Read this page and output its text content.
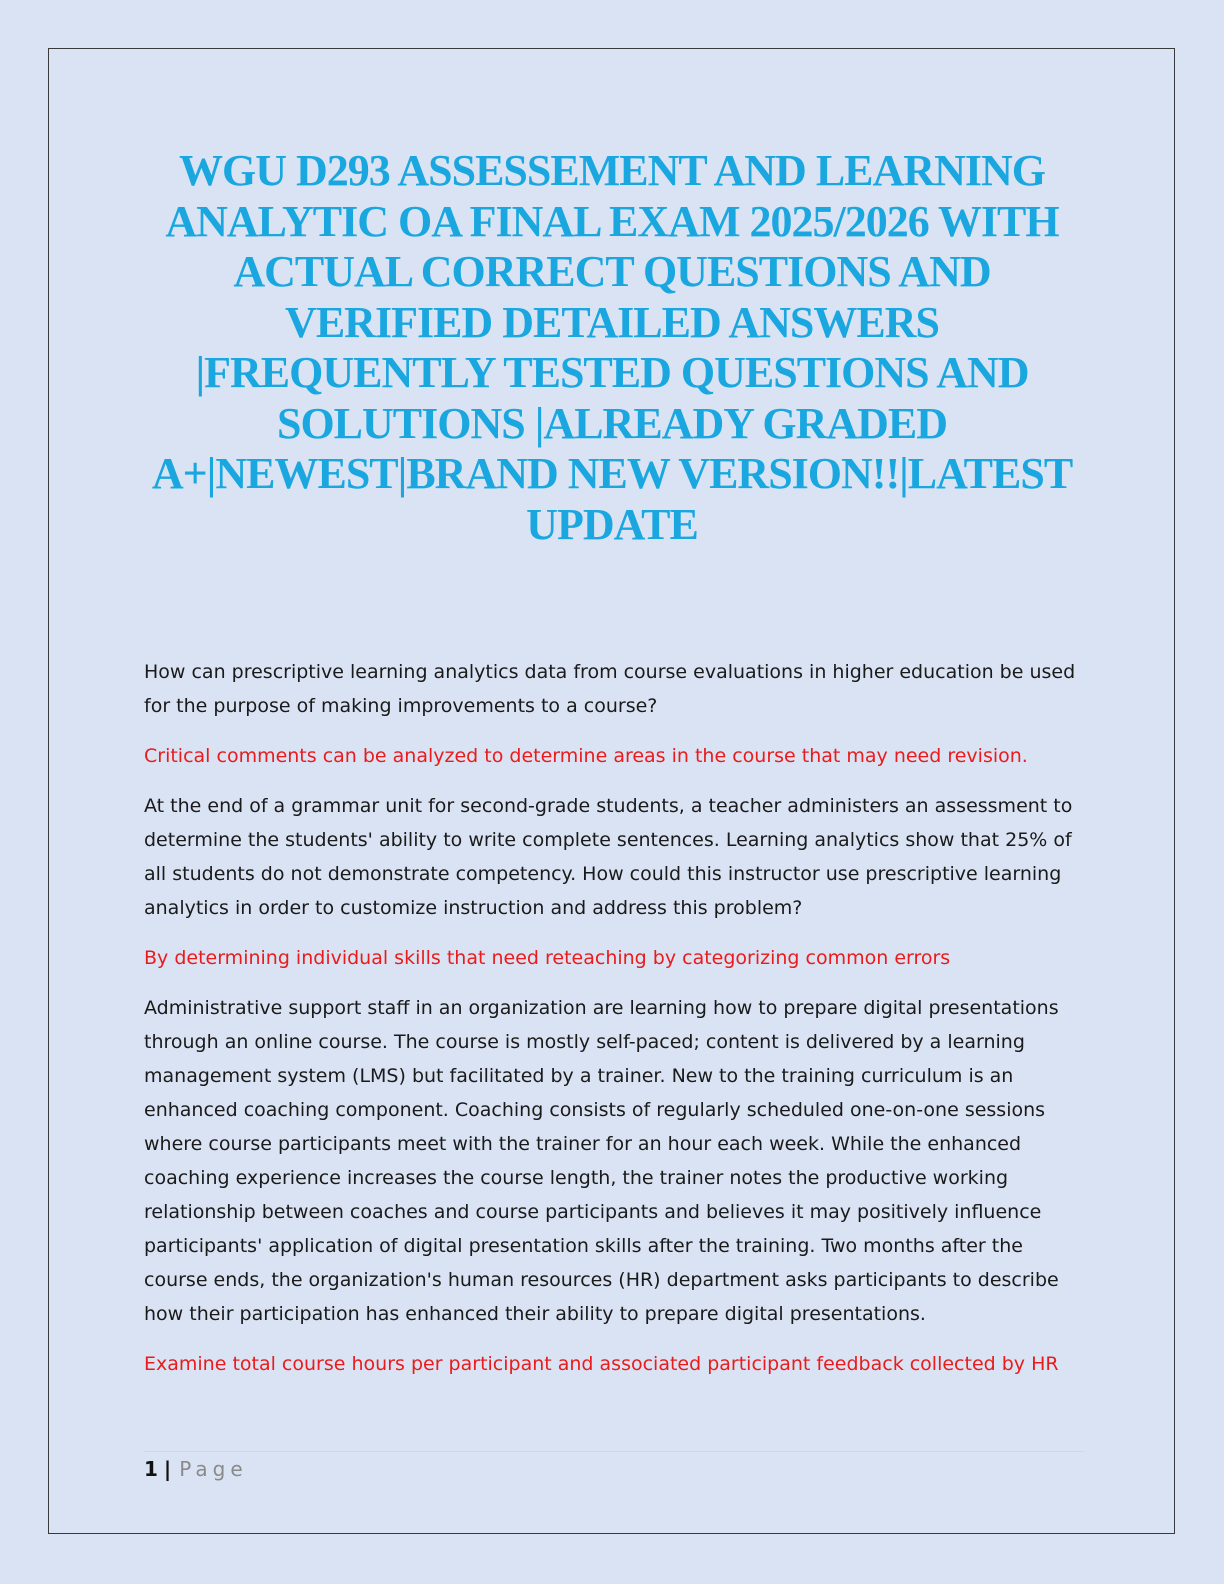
WGU D293 ASSESSEMENT AND LEARNING ANALYTIC OA FINAL EXAM 2025/2026 WITH ACTUAL CORRECT QUESTIONS AND VERIFIED DETAILED ANSWERS |FREQUENTLY TESTED QUESTIONS AND SOLUTIONS |ALREADY GRADED A+|NEWEST|BRAND NEW VERSION!!|LATEST UPDATE

How can prescriptive learning analytics data from course evaluations in higher education be used for the purpose of making improvements to a course?

Critical comments can be analyzed to determine areas in the course that may need revision.

At the end of a grammar unit for second-grade students, a teacher administers an assessment to determine the students' ability to write complete sentences. Learning analytics show that 25% of all students do not demonstrate competency. How could this instructor use prescriptive learning analytics in order to customize instruction and address this problem?

By determining individual skills that need reteaching by categorizing common errors

Administrative support staff in an organization are learning how to prepare digital presentations through an online course. The course is mostly self-paced; content is delivered by a learning management system (LMS) but facilitated by a trainer. New to the training curriculum is an enhanced coaching component. Coaching consists of regularly scheduled one-on-one sessions where course participants meet with the trainer for an hour each week. While the enhanced coaching experience increases the course length, the trainer notes the productive working relationship between coaches and course participants and believes it may positively influence participants' application of digital presentation skills after the training. Two months after the course ends, the organization's human resources (HR) department asks participants to describe how their participation has enhanced their ability to prepare digital presentations.

Examine total course hours per participant and associated participant feedback collected by HR

1 | Page
